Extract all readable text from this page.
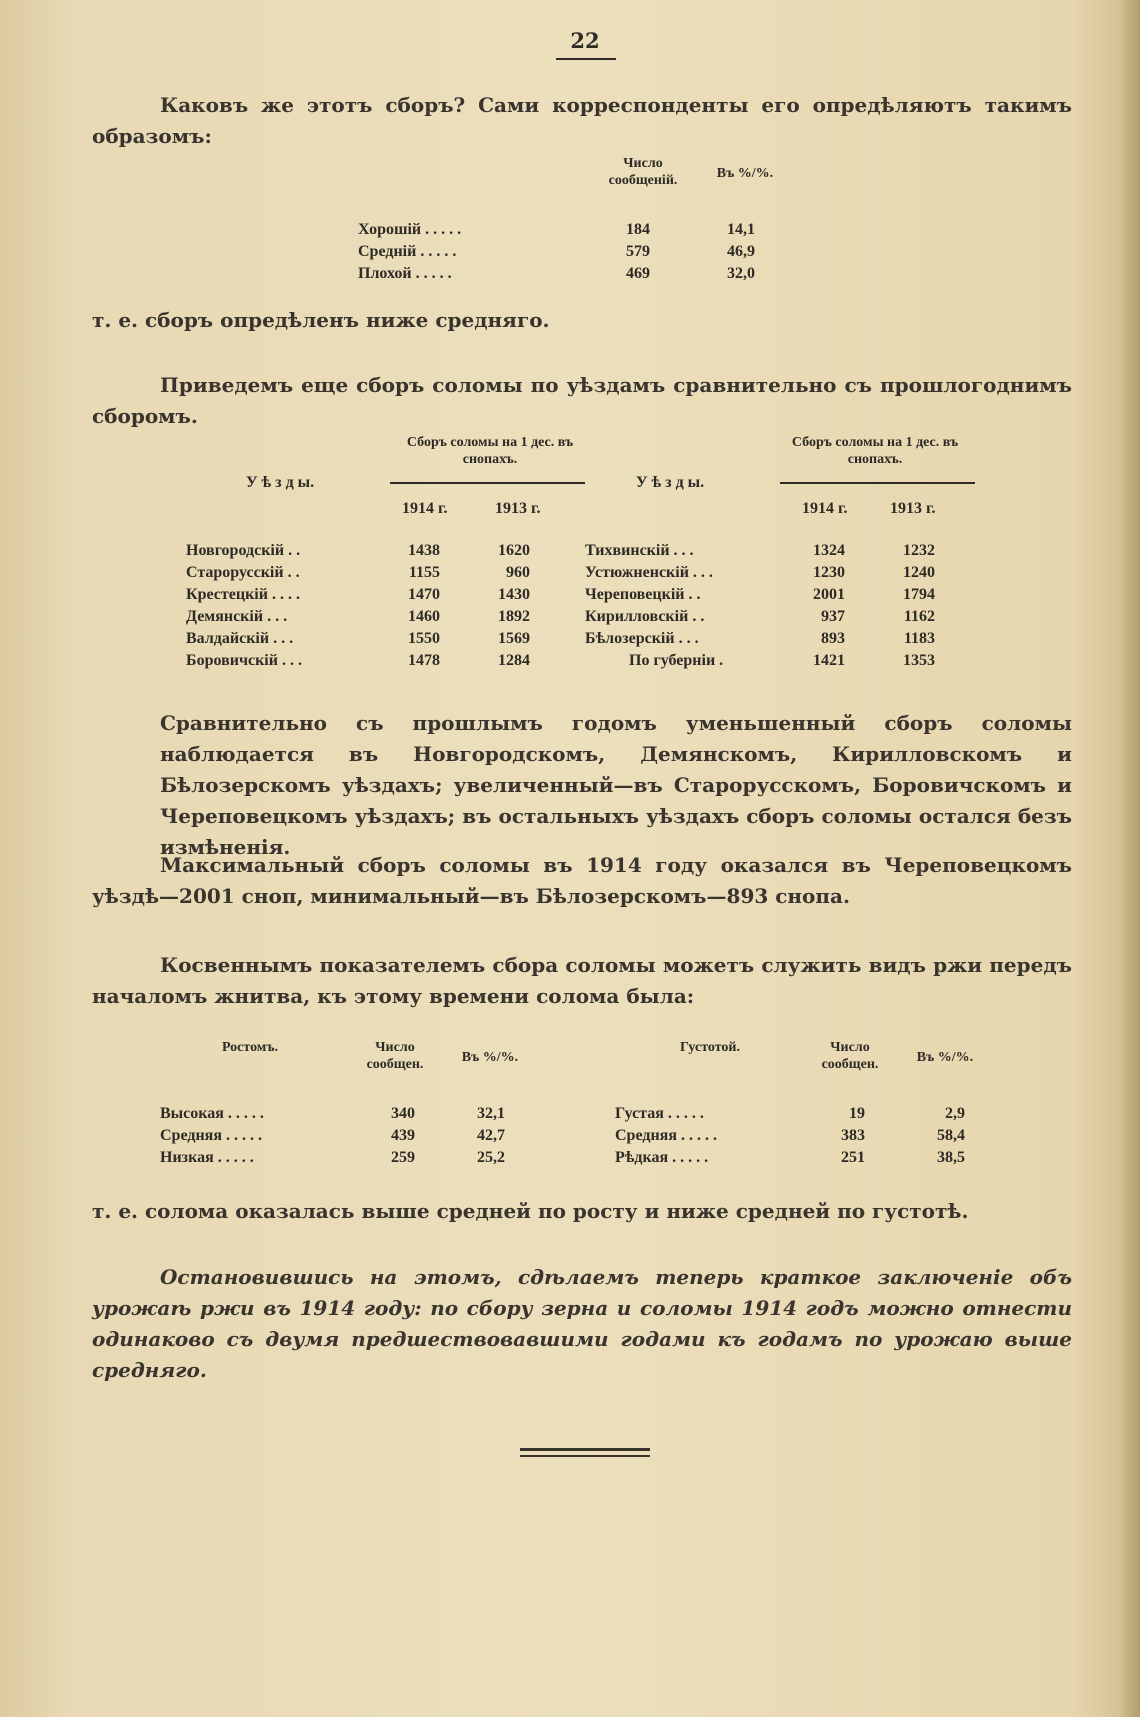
22

Каковъ же этотъ сборъ? Сами корреспонденты его опредѣляютъ такимъ образомъ:

Число сообщеній.	Въ %/%.
Хорошій . . . . .	184	14,1
Средній . . . . .	579	46,9
Плохой . . . . .	469	32,0

т. е. сборъ опредѣленъ ниже средняго.

Приведемъ еще сборъ соломы по уѣздамъ сравнительно съ прошлогоднимъ сборомъ.

У ѣ з д ы.
Сборъ соломы на 1 дес. въ снопахъ.
1914 г.	1913 г.
У ѣ з д ы.
Сборъ соломы на 1 дес. въ снопахъ.
1914 г.	1913 г.
Новгородскій . .	1438	1620
Старорусскій . .	1155	960
Крестецкій . . . .	1470	1430
Демянскій . . .	1460	1892
Валдайскій . . .	1550	1569
Боровичскій . . .	1478	1284
Тихвинскій . . .	1324	1232
Устюжненскій . . .	1230	1240
Череповецкій . .	2001	1794
Кирилловскій . .	937	1162
Бѣлозерскій . . .	893	1183
По губерніи .	1421	1353

Сравнительно съ прошлымъ годомъ уменьшенный сборъ соломы наблюдается въ Новгородскомъ, Демянскомъ, Кирилловскомъ и Бѣлозерскомъ уѣздахъ; увеличенный—въ Старорусскомъ, Боровичскомъ и Череповецкомъ уѣздахъ; въ остальныхъ уѣздахъ сборъ соломы остался безъ измѣненія.

Максимальный сборъ соломы въ 1914 году оказался въ Череповецкомъ уѣздѣ—2001 сноп, минимальный—въ Бѣлозерскомъ—893 снопа.

Косвеннымъ показателемъ сбора соломы можетъ служить видъ ржи передъ началомъ жнитва, къ этому времени солома была:

Ростомъ.	Число сообщен.	Въ %/%.
Высокая . . . . .	340	32,1
Средняя . . . . .	439	42,7
Низкая . . . . .	259	25,2
Густотой.	Число сообщен.	Въ %/%.
Густая . . . . .	19	2,9
Средняя . . . . .	383	58,4
Рѣдкая . . . . .	251	38,5

т. е. солома оказалась выше средней по росту и ниже средней по густотѣ.

Остановившись на этомъ, сдѣлаемъ теперь краткое заключеніе объ урожаѣ ржи въ 1914 году: по сбору зерна и соломы 1914 годъ можно отнести одинаково съ двумя предшествовавшими годами къ годамъ по урожаю выше средняго.
